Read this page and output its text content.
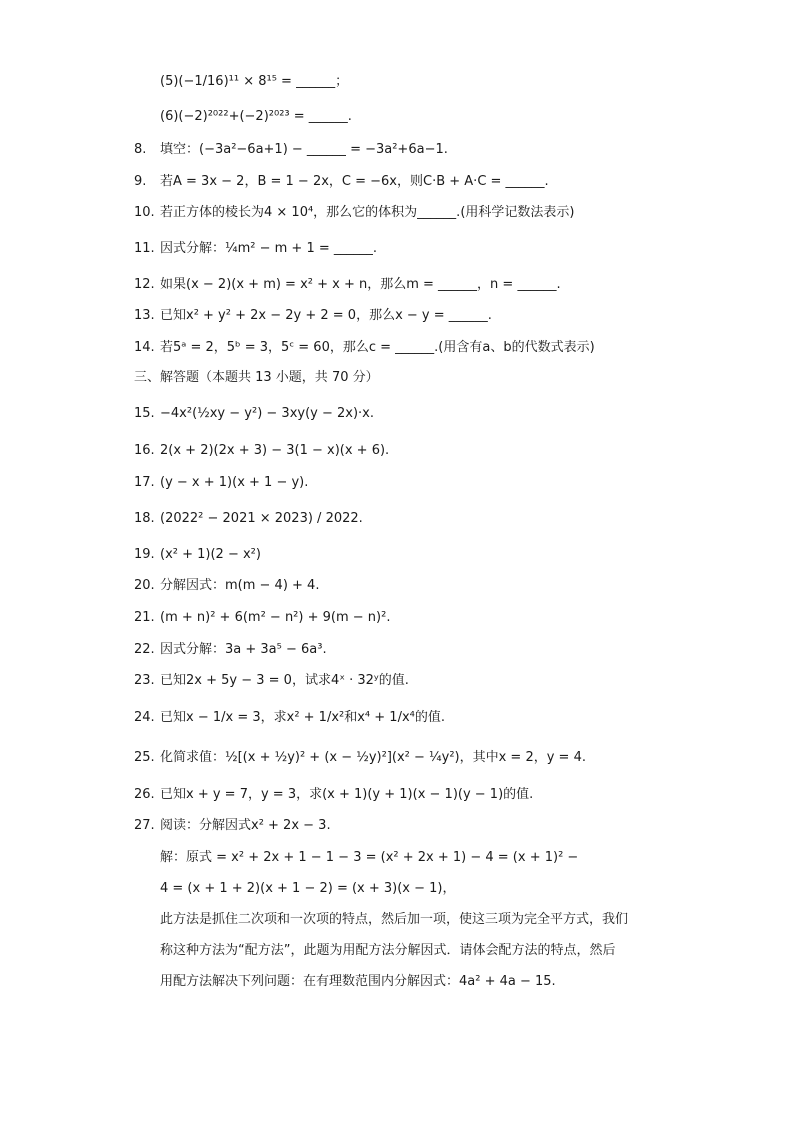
(5)(−1/16)¹¹ × 8¹⁵ = ______；
(6)(−2)²⁰²²+(−2)²⁰²³ = ______.
8. 填空：(−3a²−6a+1) − ______ = −3a²+6a−1.
9. 若A = 3x − 2，B = 1 − 2x，C = −6x，则C·B + A·C = ______.
10. 若正方体的棱长为4 × 10⁴，那么它的体积为______.(用科学记数法表示)
11. 因式分解：¼m² − m + 1 = ______.
12. 如果(x − 2)(x + m) = x² + x + n，那么m = ______，n = ______.
13. 已知x² + y² + 2x − 2y + 2 = 0，那么x − y = ______.
14. 若5ᵃ = 2，5ᵇ = 3，5ᶜ = 60，那么c = ______.(用含有a、b的代数式表示)
三、解答题（本题共 13 小题，共 70 分）
15. −4x²(½xy − y²) − 3xy(y − 2x)·x.
16. 2(x + 2)(2x + 3) − 3(1 − x)(x + 6).
17. (y − x + 1)(x + 1 − y).
18. (2022² − 2021 × 2023) / 2022.
19. (x² + 1)(2 − x²)
20. 分解因式：m(m − 4) + 4.
21. (m + n)² + 6(m² − n²) + 9(m − n)².
22. 因式分解：3a + 3a⁵ − 6a³.
23. 已知2x + 5y − 3 = 0，试求4ˣ · 32ʸ的值.
24. 已知x − 1/x = 3，求x² + 1/x²和x⁴ + 1/x⁴的值.
25. 化简求值：½[(x + ½y)² + (x − ½y)²](x² − ¼y²)，其中x = 2，y = 4.
26. 已知x + y = 7，y = 3，求(x + 1)(y + 1)(x − 1)(y − 1)的值.
27. 阅读：分解因式x² + 2x − 3.
解：原式 = x² + 2x + 1 − 1 − 3 = (x² + 2x + 1) − 4 = (x + 1)² −
4 = (x + 1 + 2)(x + 1 − 2) = (x + 3)(x − 1)，
此方法是抓住二次项和一次项的特点，然后加一项，使这三项为完全平方式，我们
称这种方法为“配方法”，此题为用配方法分解因式．请体会配方法的特点，然后
用配方法解决下列问题：在有理数范围内分解因式：4a² + 4a − 15.
